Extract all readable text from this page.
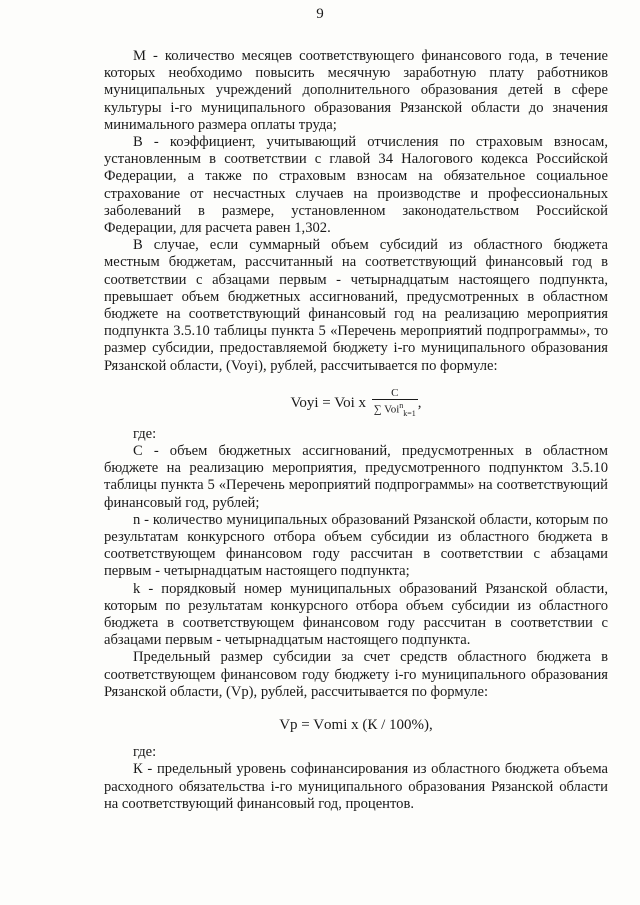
9

М - количество месяцев соответствующего финансового года, в течение которых необходимо повысить месячную заработную плату работников муниципальных учреждений дополнительного образования детей в сфере культуры i-го муниципального образования Рязанской области до значения минимального размера оплаты труда;

В - коэффициент, учитывающий отчисления по страховым взносам, установленным в соответствии с главой 34 Налогового кодекса Российской Федерации, а также по страховым взносам на обязательное социальное страхование от несчастных случаев на производстве и профессиональных заболеваний в размере, установленном законодательством Российской Федерации, для расчета равен 1,302.

В случае, если суммарный объем субсидий из областного бюджета местным бюджетам, рассчитанный на соответствующий финансовый год в соответствии с абзацами первым - четырнадцатым настоящего подпункта, превышает объем бюджетных ассигнований, предусмотренных в областном бюджете на соответствующий финансовый год на реализацию мероприятия подпункта 3.5.10 таблицы пункта 5 «Перечень мероприятий подпрограммы», то размер субсидии, предоставляемой бюджету i-го муниципального образования Рязанской области, (Voyi), рублей, рассчитывается по формуле:

Voyi = Voi x $\frac{C}{\sum Voi^n_{k=1}}$ ,

где:

С - объем бюджетных ассигнований, предусмотренных в областном бюджете на реализацию мероприятия, предусмотренного подпунктом 3.5.10 таблицы пункта 5 «Перечень мероприятий подпрограммы» на соответствующий финансовый год, рублей;

n - количество муниципальных образований Рязанской области, которым по результатам конкурсного отбора объем субсидии из областного бюджета в соответствующем финансовом году рассчитан в соответствии с абзацами первым - четырнадцатым настоящего подпункта;

k - порядковый номер муниципальных образований Рязанской области, которым по результатам конкурсного отбора объем субсидии из областного бюджета в соответствующем финансовом году рассчитан в соответствии с абзацами первым - четырнадцатым настоящего подпункта.

Предельный размер субсидии за счет средств областного бюджета в соответствующем финансовом году бюджету i-го муниципального образования Рязанской области, (Vp), рублей, рассчитывается по формуле:

Vp = Vоmi x (К / 100%),

где:

К - предельный уровень софинансирования из областного бюджета объема расходного обязательства i-го муниципального образования Рязанской области на соответствующий финансовый год, процентов.
